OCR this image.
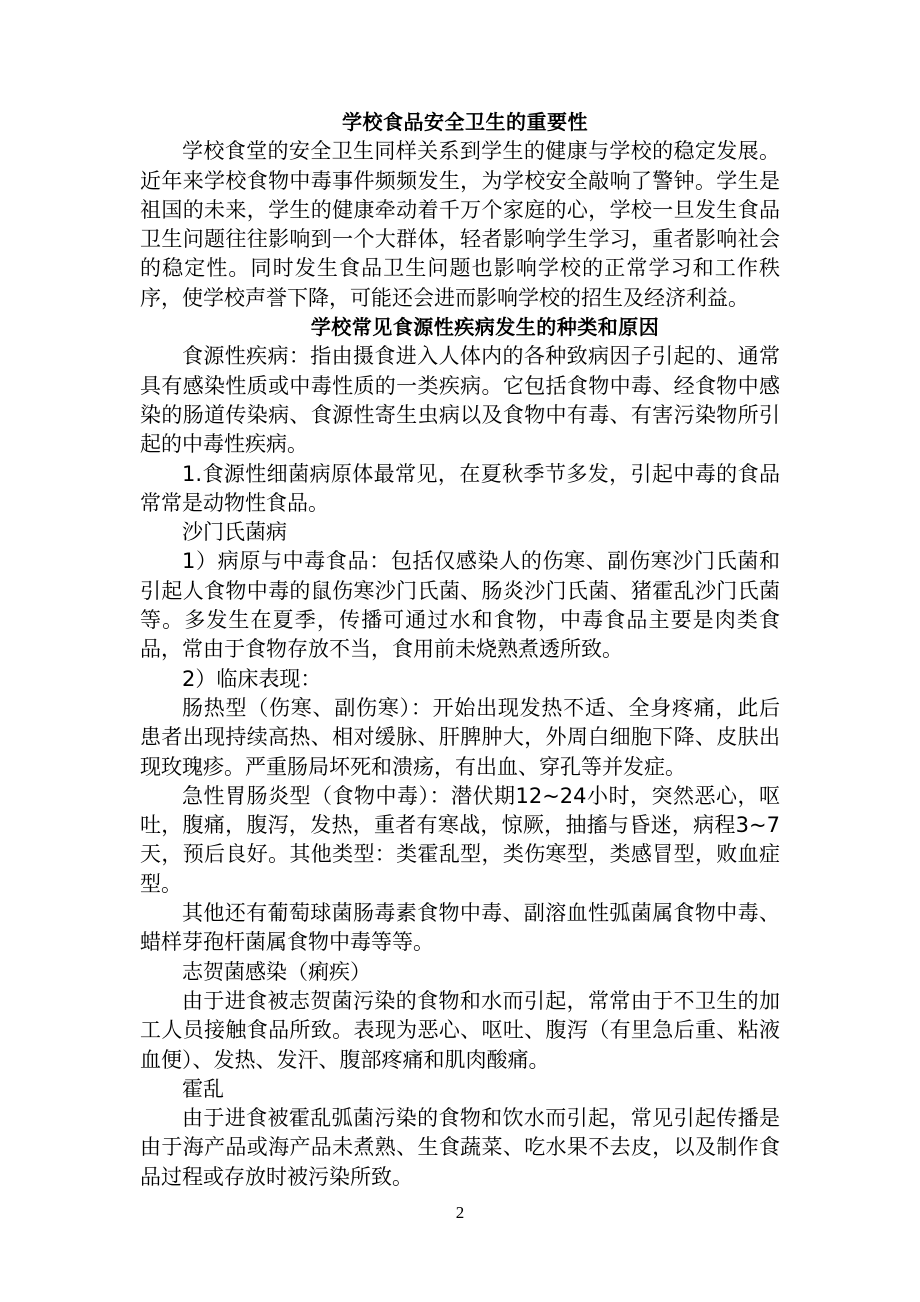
学校食品安全卫生的重要性

学校食堂的安全卫生同样关系到学生的健康与学校的稳定发展。近年来学校食物中毒事件频频发生，为学校安全敲响了警钟。学生是祖国的未来，学生的健康牵动着千万个家庭的心，学校一旦发生食品卫生问题往往影响到一个大群体，轻者影响学生学习，重者影响社会的稳定性。同时发生食品卫生问题也影响学校的正常学习和工作秩序，使学校声誉下降，可能还会进而影响学校的招生及经济利益。

学校常见食源性疾病发生的种类和原因

食源性疾病：指由摄食进入人体内的各种致病因子引起的、通常具有感染性质或中毒性质的一类疾病。它包括食物中毒、经食物中感染的肠道传染病、食源性寄生虫病以及食物中有毒、有害污染物所引起的中毒性疾病。

1.食源性细菌病原体最常见，在夏秋季节多发，引起中毒的食品常常是动物性食品。

沙门氏菌病

1）病原与中毒食品：包括仅感染人的伤寒、副伤寒沙门氏菌和引起人食物中毒的鼠伤寒沙门氏菌、肠炎沙门氏菌、猪霍乱沙门氏菌等。多发生在夏季，传播可通过水和食物，中毒食品主要是肉类食品，常由于食物存放不当，食用前未烧熟煮透所致。

2）临床表现：

肠热型（伤寒、副伤寒）：开始出现发热不适、全身疼痛，此后患者出现持续高热、相对缓脉、肝脾肿大，外周白细胞下降、皮肤出现玫瑰疹。严重肠局坏死和溃疡，有出血、穿孔等并发症。

急性胃肠炎型（食物中毒）：潜伏期12~24小时，突然恶心，呕吐，腹痛，腹泻，发热，重者有寒战，惊厥，抽搐与昏迷，病程3~7天，预后良好。其他类型：类霍乱型，类伤寒型，类感冒型，败血症型。

其他还有葡萄球菌肠毒素食物中毒、副溶血性弧菌属食物中毒、蜡样芽孢杆菌属食物中毒等等。

志贺菌感染（痢疾）

由于进食被志贺菌污染的食物和水而引起，常常由于不卫生的加工人员接触食品所致。表现为恶心、呕吐、腹泻（有里急后重、粘液血便）、发热、发汗、腹部疼痛和肌肉酸痛。

霍乱

由于进食被霍乱弧菌污染的食物和饮水而引起，常见引起传播是由于海产品或海产品未煮熟、生食蔬菜、吃水果不去皮，以及制作食品过程或存放时被污染所致。

2
